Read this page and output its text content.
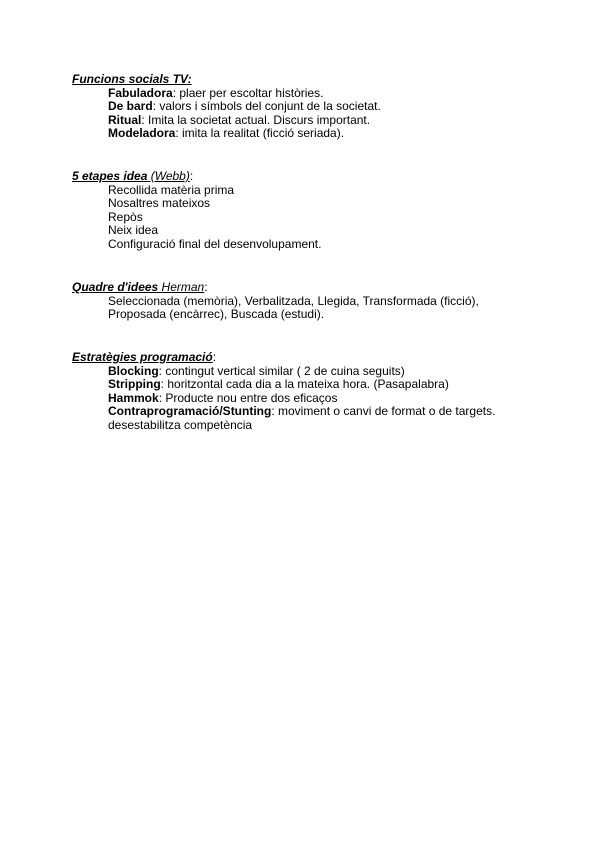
Funcions socials TV:
Fabuladora: plaer per escoltar històries.
De bard: valors i símbols del conjunt de la societat.
Ritual: Imita la societat actual. Discurs important.
Modeladora: imita la realitat (ficció seriada).
5 etapes idea (Webb):
Recollida matèria prima
Nosaltres mateixos
Repòs
Neix idea
Configuració final del desenvolupament.
Quadre d'idees Herman:
Seleccionada (memòria), Verbalitzada, Llegida, Transformada (ficció),
Proposada (encàrrec), Buscada (estudi).
Estratègies programació:
Blocking: contingut vertical similar ( 2 de cuina seguits)
Stripping: horitzontal cada dia a la mateixa hora. (Pasapalabra)
Hammok: Producte nou entre dos eficaços
Contraprogramació/Stunting: moviment o canvi de format o de targets. desestabilitza competència
